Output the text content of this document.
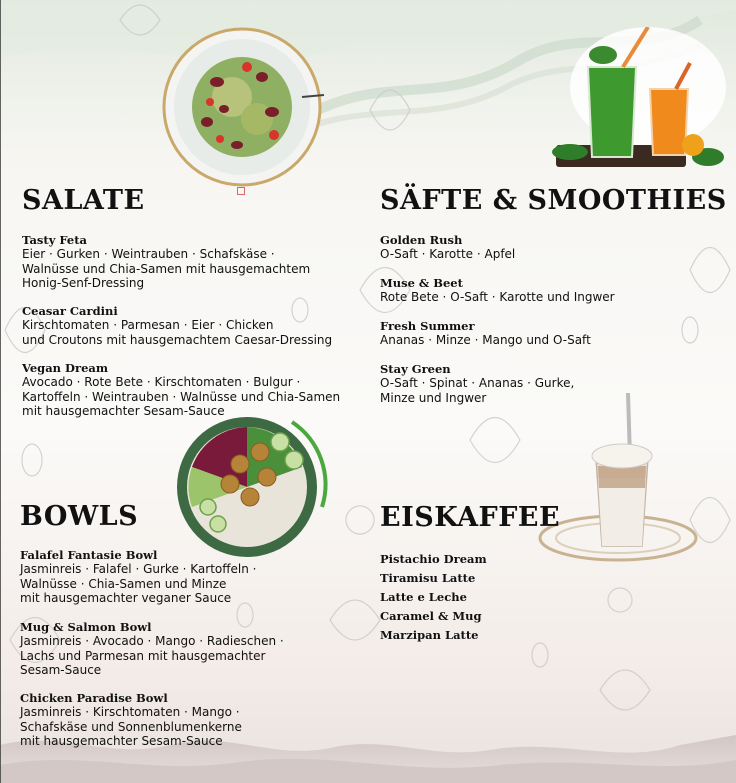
SALATE
Tasty Feta
Eier · Gurken · Weintrauben · Schafskäse ·
Walnüsse und Chia-Samen mit hausgemachtem
Honig-Senf-Dressing
Ceasar Cardini
Kirschtomaten · Parmesan · Eier · Chicken
und Croutons mit hausgemachtem Caesar-Dressing
Vegan Dream
Avocado · Rote Bete · Kirschtomaten · Bulgur ·
Kartoffeln · Weintrauben · Walnüsse und Chia-Samen
mit hausgemachter Sesam-Sauce
SÄFTE & SMOOTHIES
Golden Rush
O-Saft · Karotte · Apfel
Muse & Beet
Rote Bete · O-Saft · Karotte und Ingwer
Fresh Summer
Ananas · Minze · Mango und O-Saft
Stay Green
O-Saft · Spinat · Ananas · Gurke,
Minze und Ingwer
BOWLS
Falafel Fantasie Bowl
Jasminreis · Falafel · Gurke · Kartoffeln ·
Walnüsse · Chia-Samen und Minze
mit hausgemachter veganer Sauce
Mug & Salmon Bowl
Jasminreis · Avocado · Mango · Radieschen ·
Lachs und Parmesan mit hausgemachter
Sesam-Sauce
Chicken Paradise Bowl
Jasminreis · Kirschtomaten · Mango ·
Schafskäse und Sonnenblumenkerne
mit hausgemachter Sesam-Sauce
EISKAFFEE
Pistachio Dream
Tiramisu Latte
Latte e Leche
Caramel & Mug
Marzipan Latte
